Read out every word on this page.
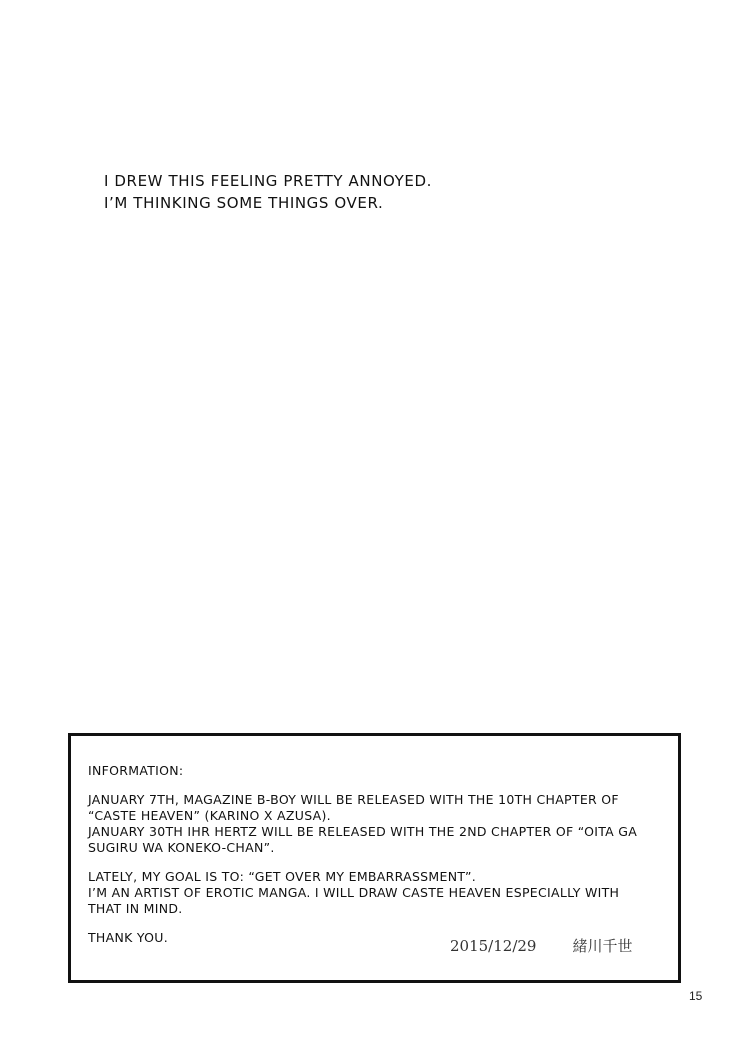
I DREW THIS FEELING PRETTY ANNOYED.
I’M THINKING SOME THINGS OVER.

INFORMATION:

JANUARY 7TH, MAGAZINE B-BOY WILL BE RELEASED WITH THE 10TH CHAPTER OF
“CASTE HEAVEN” (KARINO X AZUSA).
JANUARY 30TH IHR HERTZ WILL BE RELEASED WITH THE 2ND CHAPTER OF “OITA GA
SUGIRU WA KONEKO-CHAN”.

LATELY, MY GOAL IS TO: “GET OVER MY EMBARRASSMENT”.
I’M AN ARTIST OF EROTIC MANGA. I WILL DRAW CASTE HEAVEN ESPECIALLY WITH
THAT IN MIND.

THANK YOU.	2015/12/29 緒川千世
15
